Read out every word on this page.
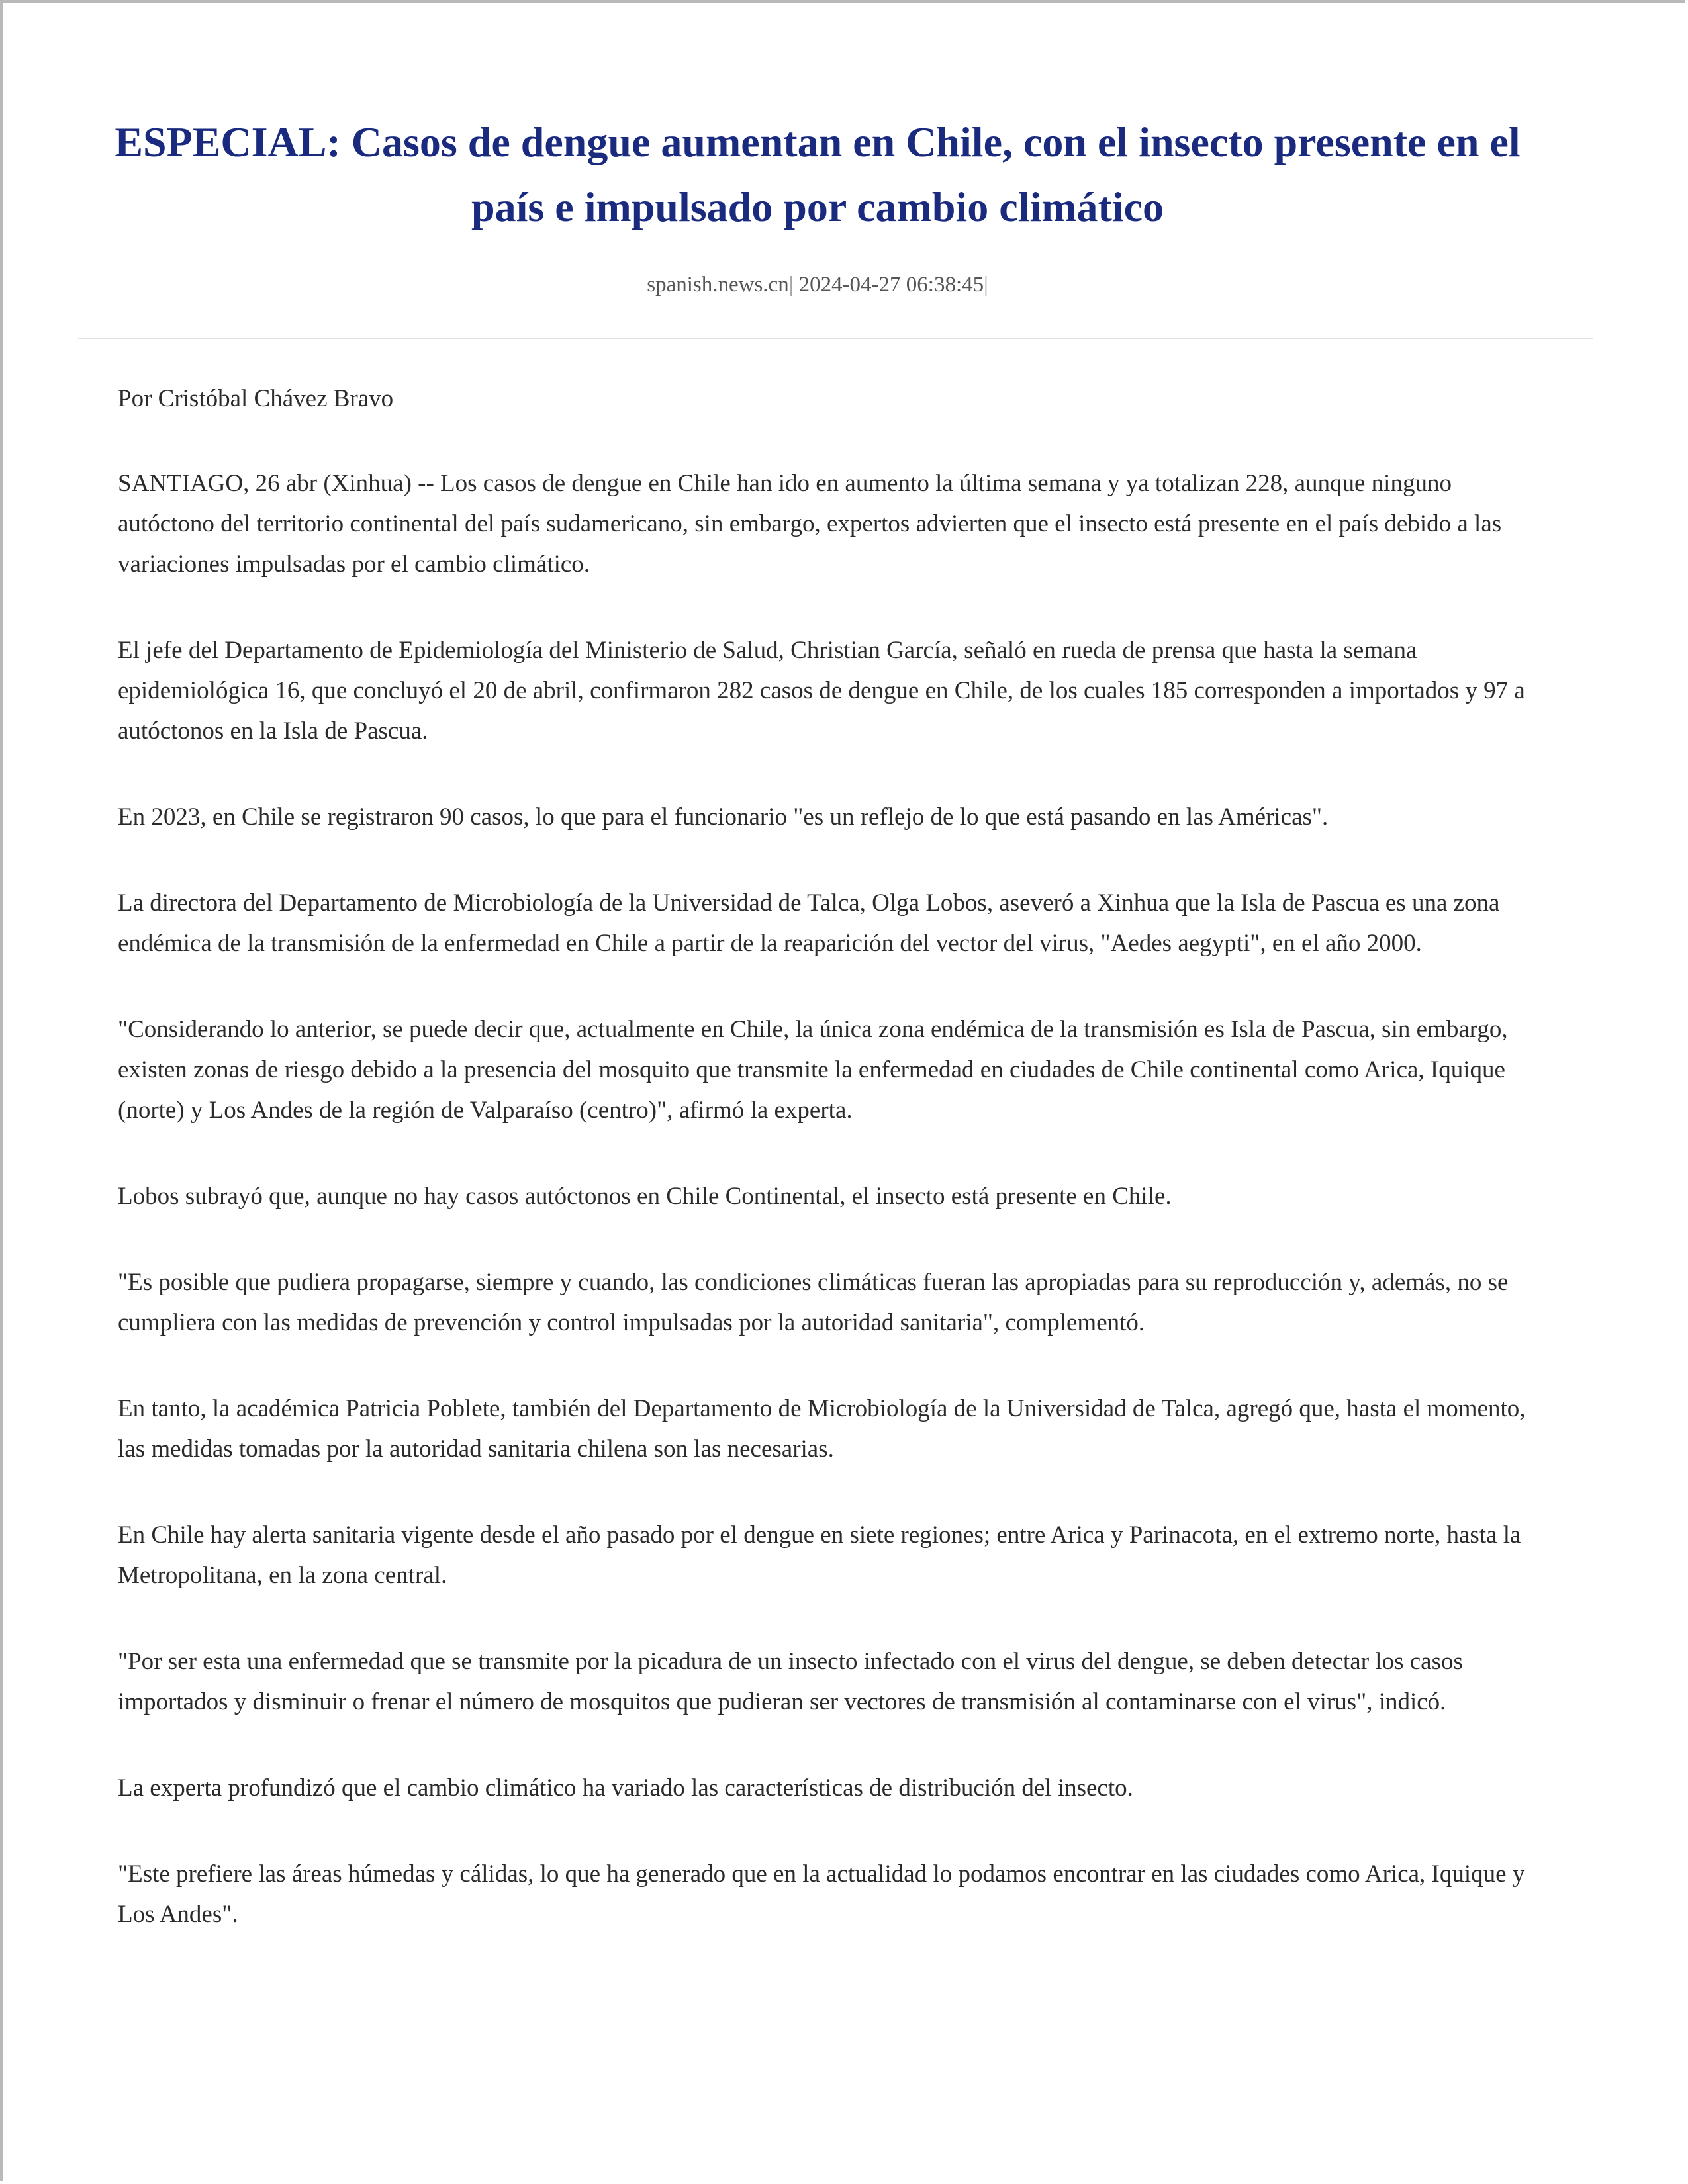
ESPECIAL: Casos de dengue aumentan en Chile, con el insecto presente en el país e impulsado por cambio climático
spanish.news.cn| 2024-04-27 06:38:45|

Por Cristóbal Chávez Bravo

SANTIAGO, 26 abr (Xinhua) -- Los casos de dengue en Chile han ido en aumento la última semana y ya totalizan 228, aunque ninguno autóctono del territorio continental del país sudamericano, sin embargo, expertos advierten que el insecto está presente en el país debido a las variaciones impulsadas por el cambio climático.

El jefe del Departamento de Epidemiología del Ministerio de Salud, Christian García, señaló en rueda de prensa que hasta la semana epidemiológica 16, que concluyó el 20 de abril, confirmaron 282 casos de dengue en Chile, de los cuales 185 corresponden a importados y 97 a autóctonos en la Isla de Pascua.

En 2023, en Chile se registraron 90 casos, lo que para el funcionario "es un reflejo de lo que está pasando en las Américas".

La directora del Departamento de Microbiología de la Universidad de Talca, Olga Lobos, aseveró a Xinhua que la Isla de Pascua es una zona endémica de la transmisión de la enfermedad en Chile a partir de la reaparición del vector del virus, "Aedes aegypti", en el año 2000.

"Considerando lo anterior, se puede decir que, actualmente en Chile, la única zona endémica de la transmisión es Isla de Pascua, sin embargo, existen zonas de riesgo debido a la presencia del mosquito que transmite la enfermedad en ciudades de Chile continental como Arica, Iquique (norte) y Los Andes de la región de Valparaíso (centro)", afirmó la experta.

Lobos subrayó que, aunque no hay casos autóctonos en Chile Continental, el insecto está presente en Chile.

"Es posible que pudiera propagarse, siempre y cuando, las condiciones climáticas fueran las apropiadas para su reproducción y, además, no se cumpliera con las medidas de prevención y control impulsadas por la autoridad sanitaria", complementó.

En tanto, la académica Patricia Poblete, también del Departamento de Microbiología de la Universidad de Talca, agregó que, hasta el momento, las medidas tomadas por la autoridad sanitaria chilena son las necesarias.

En Chile hay alerta sanitaria vigente desde el año pasado por el dengue en siete regiones; entre Arica y Parinacota, en el extremo norte, hasta la Metropolitana, en la zona central.

"Por ser esta una enfermedad que se transmite por la picadura de un insecto infectado con el virus del dengue, se deben detectar los casos importados y disminuir o frenar el número de mosquitos que pudieran ser vectores de transmisión al contaminarse con el virus", indicó.

La experta profundizó que el cambio climático ha variado las características de distribución del insecto.

"Este prefiere las áreas húmedas y cálidas, lo que ha generado que en la actualidad lo podamos encontrar en las ciudades como Arica, Iquique y Los Andes".
